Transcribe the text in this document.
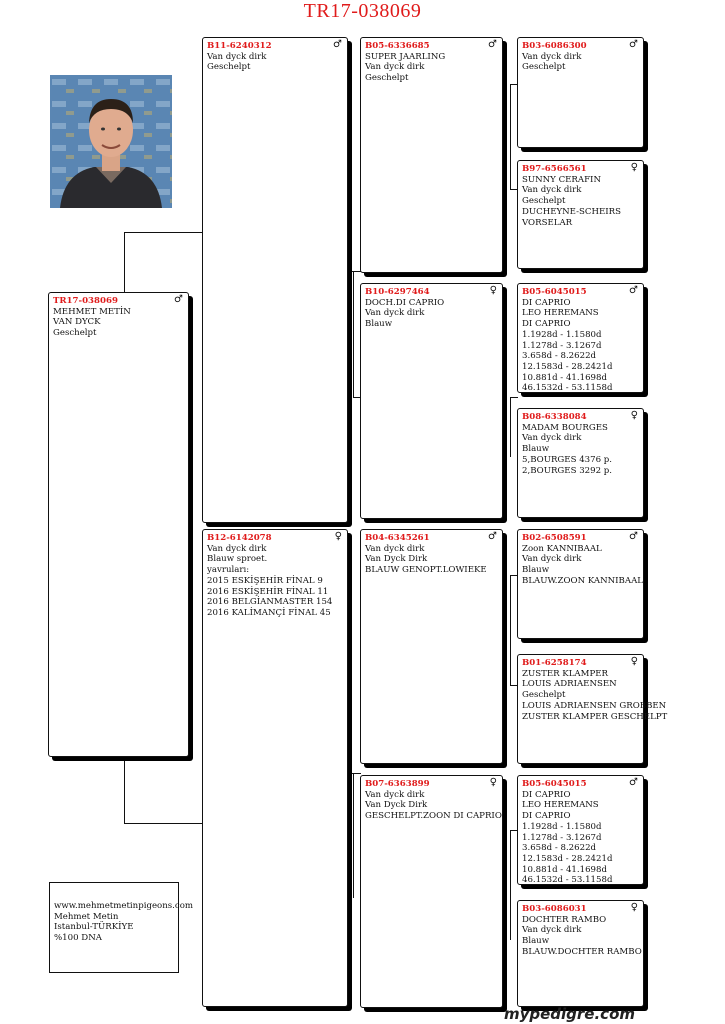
TR17-038069
TR17-038069	♂
MEHMET METİN
VAN DYCK
Geschelpt
B11-6240312	♂
Van dyck dirk
Geschelpt
B12-6142078	♀
Van dyck dirk
Blauw sproet.
yavruları:
2015 ESKİŞEHİR FİNAL 9
2016 ESKİŞEHİR FİNAL 11
2016 BELGİANMASTER 154
2016 KALİMANÇİ FİNAL 45
B05-6336685	♂
SUPER JAARLING
Van dyck dirk
Geschelpt
B10-6297464	♀
DOCH.DI CAPRIO
Van dyck dirk
Blauw
B04-6345261	♂
Van dyck dirk
Van Dyck Dirk
BLAUW GENOPT.LOWIEKE
B07-6363899	♀
Van dyck dirk
Van Dyck Dirk
GESCHELPT.ZOON DI CAPRIO
B03-6086300	♂
Van dyck dirk
Geschelpt
B97-6566561	♀
SUNNY CERAFIN
Van dyck dirk
Geschelpt
DUCHEYNE-SCHEIRS
VORSELAR
B05-6045015	♂
DI CAPRIO
LEO HEREMANS
DI CAPRIO
1.1928d - 1.1580d
1.1278d - 3.1267d
3.658d - 8.2622d
12.1583d - 28.2421d
10.881d - 41.1698d
46.1532d - 53.1158d
B08-6338084	♀
MADAM BOURGES
Van dyck dirk
Blauw
5,BOURGES 4376 p.
2,BOURGES 3292 p.
B02-6508591	♂
Zoon KANNIBAAL
Van dyck dirk
Blauw
BLAUW.ZOON KANNIBAAL
B01-6258174	♀
ZUSTER KLAMPER
LOUIS ADRIAENSEN
Geschelpt
LOUIS ADRIAENSEN GROBBEN
ZUSTER KLAMPER GESCHELPT
B05-6045015	♂
DI CAPRIO
LEO HEREMANS
DI CAPRIO
1.1928d - 1.1580d
1.1278d - 3.1267d
3.658d - 8.2622d
12.1583d - 28.2421d
10.881d - 41.1698d
46.1532d - 53.1158d
B03-6086031	♀
DOCHTER RAMBO
Van dyck dirk
Blauw
BLAUW.DOCHTER RAMBO
www.mehmetmetinpigeons.com
Mehmet Metin
Istanbul-TÜRKİYE
%100 DNA
mypedigre.com
